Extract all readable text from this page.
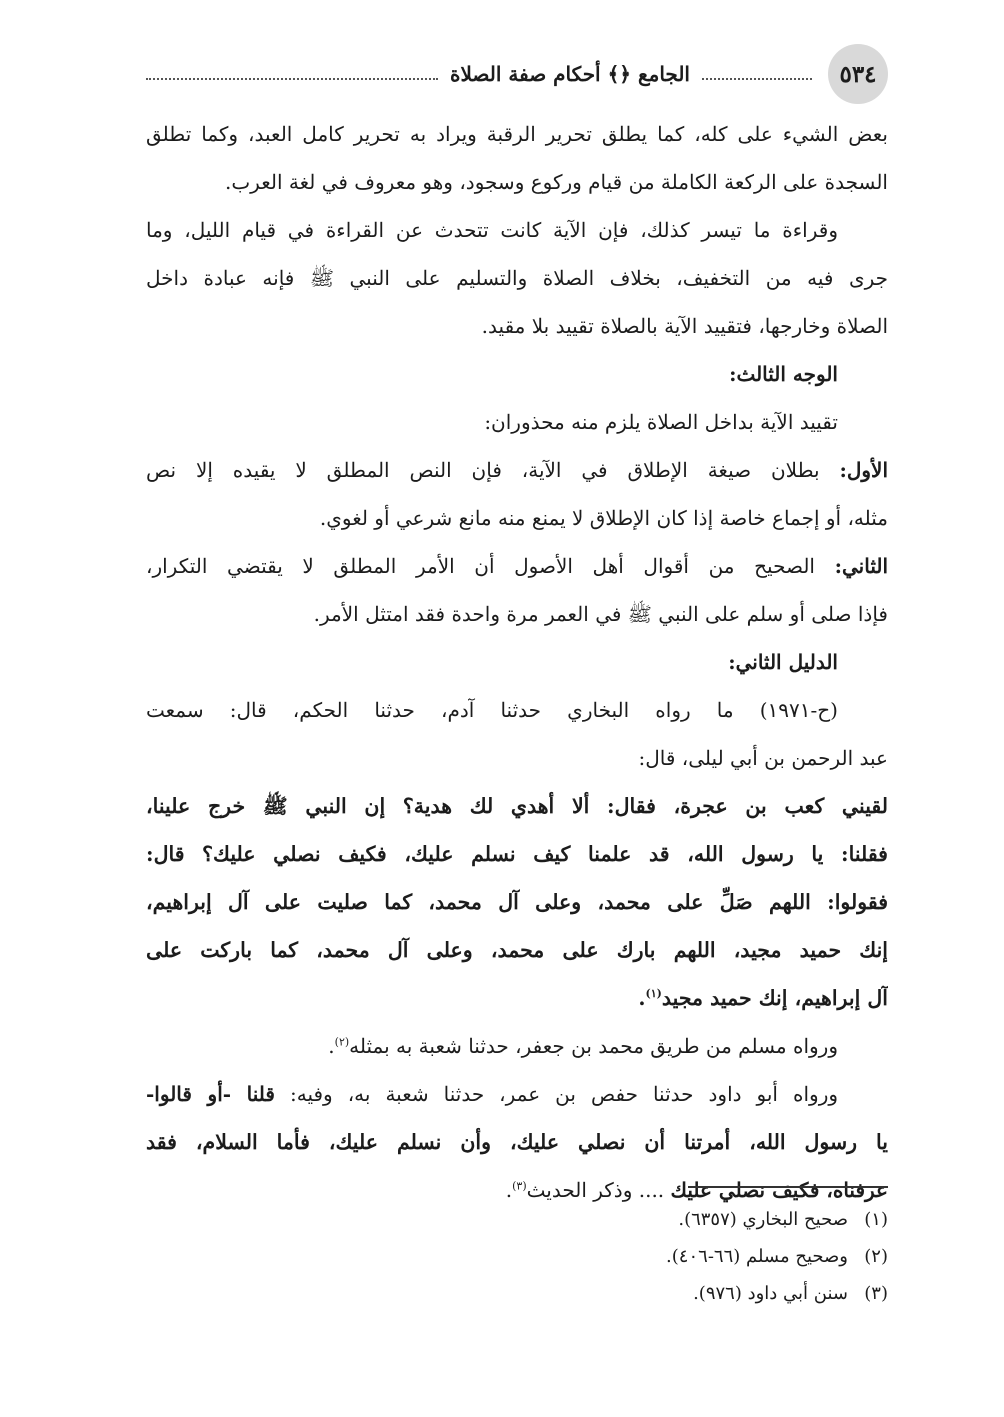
٥٣٤
الجامع ﴿﴾ أحكام صفة الصلاة
بعض الشيء على كله، كما يطلق تحرير الرقبة ويراد به تحرير كامل العبد، وكما تطلق
السجدة على الركعة الكاملة من قيام وركوع وسجود، وهو معروف في لغة العرب.
وقراءة ما تيسر كذلك، فإن الآية كانت تتحدث عن القراءة في قيام الليل، وما
جرى فيه من التخفيف، بخلاف الصلاة والتسليم على النبي ﷺ فإنه عبادة داخل
الصلاة وخارجها، فتقييد الآية بالصلاة تقييد بلا مقيد.
الوجه الثالث:
تقييد الآية بداخل الصلاة يلزم منه محذوران:
الأول: بطلان صيغة الإطلاق في الآية، فإن النص المطلق لا يقيده إلا نص
مثله، أو إجماع خاصة إذا كان الإطلاق لا يمنع منه مانع شرعي أو لغوي.
الثاني: الصحيح من أقوال أهل الأصول أن الأمر المطلق لا يقتضي التكرار،
فإذا صلى أو سلم على النبي ﷺ في العمر مرة واحدة فقد امتثل الأمر.
الدليل الثاني:
(ح-١٩٧١) ما رواه البخاري حدثنا آدم، حدثنا الحكم، قال: سمعت
عبد الرحمن بن أبي ليلى، قال:
لقيني كعب بن عجرة، فقال: ألا أهدي لك هدية؟ إن النبي ﷺ خرج علينا،
فقلنا: يا رسول الله، قد علمنا كيف نسلم عليك، فكيف نصلي عليك؟ قال:
فقولوا: اللهم صَلِّ على محمد، وعلى آل محمد، كما صليت على آل إبراهيم،
إنك حميد مجيد، اللهم بارك على محمد، وعلى آل محمد، كما باركت على
آل إبراهيم، إنك حميد مجيد$^{(١)}$.
ورواه مسلم من طريق محمد بن جعفر، حدثنا شعبة به بمثله$^{(٢)}$.
ورواه أبو داود حدثنا حفص بن عمر، حدثنا شعبة به، وفيه: قلنا -أو قالوا-
يا رسول الله، أمرتنا أن نصلي عليك، وأن نسلم عليك، فأما السلام، فقد
عرفناه، فكيف نصلي عليك .... وذكر الحديث$^{(٣)}$.
(١)صحيح البخاري (٦٣٥٧).
(٢)وصحيح مسلم (٦٦-٤٠٦).
(٣)سنن أبي داود (٩٧٦).
